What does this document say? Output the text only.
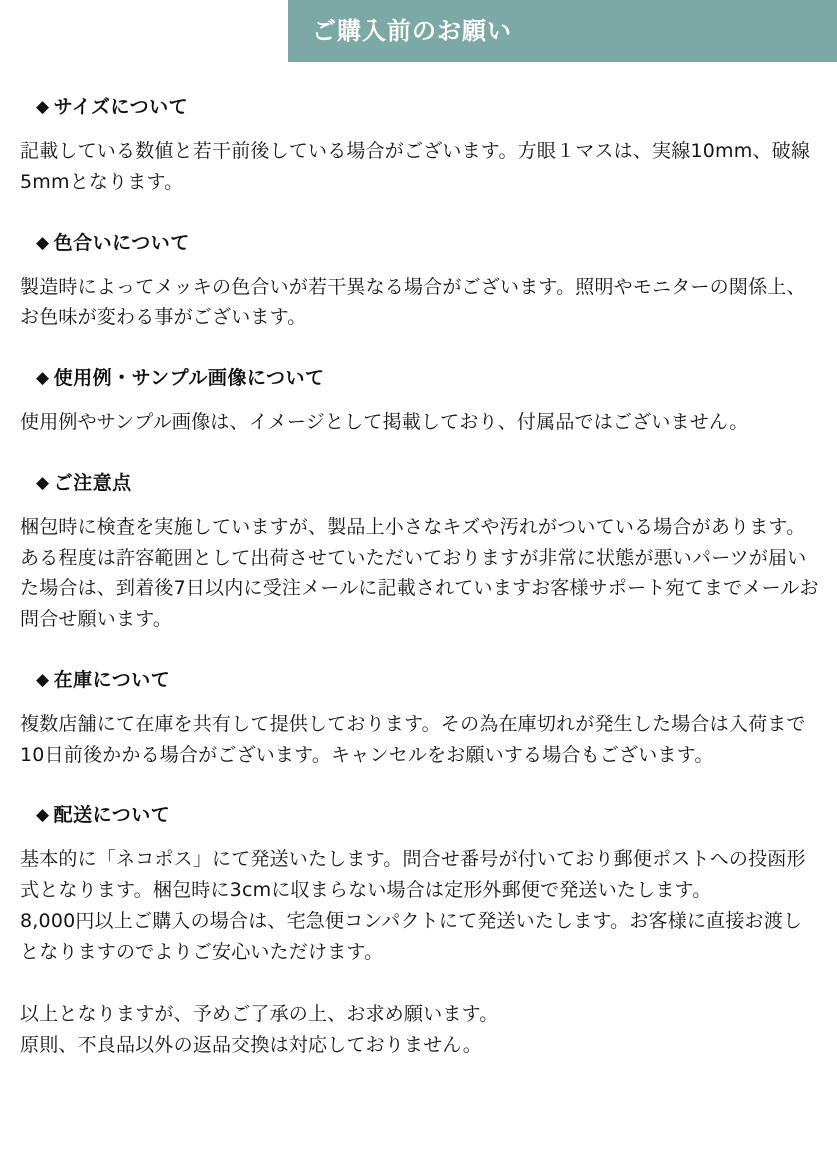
ご購入前のお願い
◆ サイズについて

記載している数値と若干前後している場合がございます。方眼１マスは、実線10mm、破線5mmとなります。

◆ 色合いについて

製造時によってメッキの色合いが若干異なる場合がございます。照明やモニターの関係上、お色味が変わる事がございます。

◆ 使用例・サンプル画像について

使用例やサンプル画像は、イメージとして掲載しており、付属品ではございません。

◆ ご注意点

梱包時に検査を実施していますが、製品上小さなキズや汚れがついている場合があります。ある程度は許容範囲として出荷させていただいておりますが非常に状態が悪いパーツが届いた場合は、到着後7日以内に受注メールに記載されていますお客様サポート宛てまでメールお問合せ願います。

◆ 在庫について

複数店舗にて在庫を共有して提供しております。その為在庫切れが発生した場合は入荷まで10日前後かかる場合がございます。キャンセルをお願いする場合もございます。

◆ 配送について

基本的に「ネコポス」にて発送いたします。問合せ番号が付いており郵便ポストへの投函形式となります。梱包時に3cmに収まらない場合は定形外郵便で発送いたします。

8,000円以上ご購入の場合は、宅急便コンパクトにて発送いたします。お客様に直接お渡しとなりますのでよりご安心いただけます。

以上となりますが、予めご了承の上、お求め願います。

原則、不良品以外の返品交換は対応しておりません。
